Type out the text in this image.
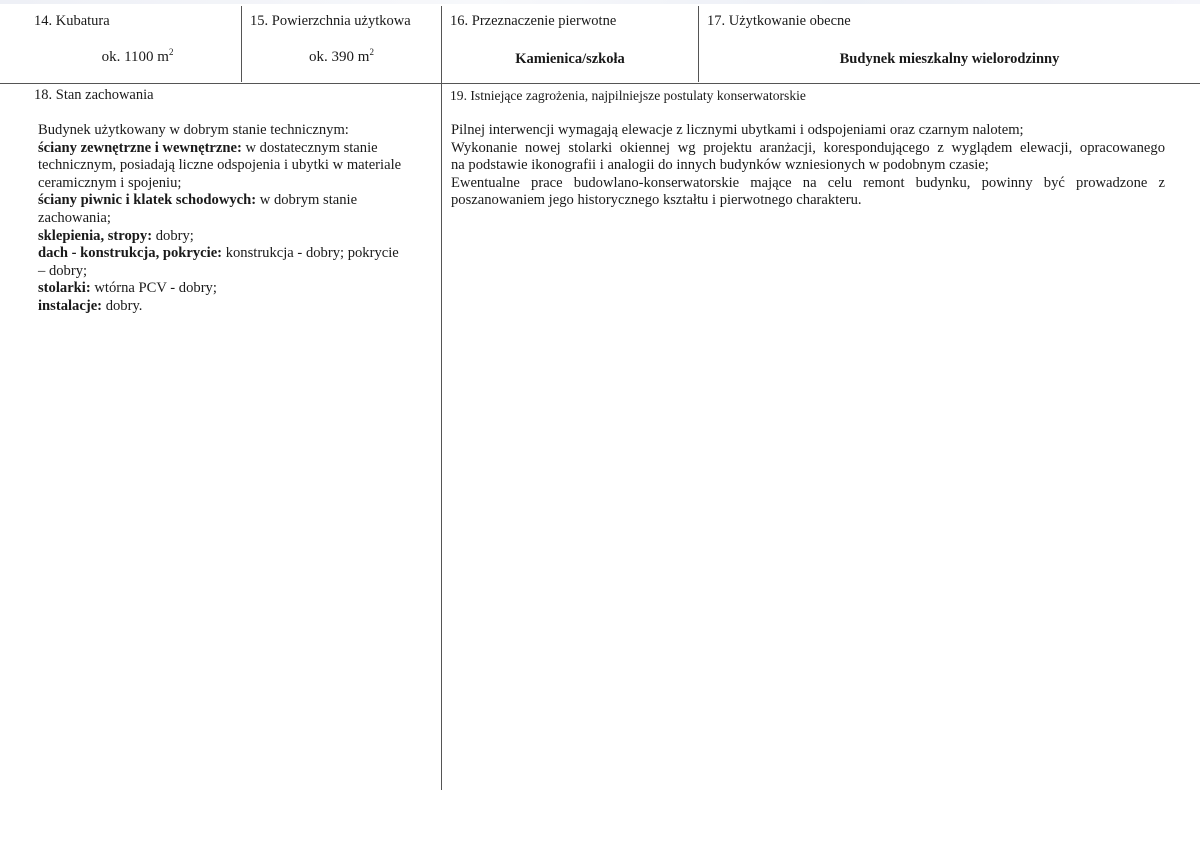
14. Kubatura
ok. 1100 $m^2$
15. Powierzchnia użytkowa
ok. 390 $m^2$
16. Przeznaczenie pierwotne
Kamienica/szkoła
17. Użytkowanie obecne
Budynek mieszkalny wielorodzinny
18. Stan zachowania
Budynek użytkowany w dobrym stanie technicznym:
ściany zewnętrzne i wewnętrzne: w dostatecznym stanie
technicznym, posiadają liczne odspojenia i ubytki w materiale
ceramicznym i spojeniu;
ściany piwnic i klatek schodowych: w dobrym stanie
zachowania;
sklepienia, stropy: dobry;
dach - konstrukcja, pokrycie: konstrukcja - dobry; pokrycie
– dobry;
stolarki: wtórna PCV - dobry;
instalacje: dobry.
19. Istniejące zagrożenia, najpilniejsze postulaty konserwatorskie
Pilnej interwencji wymagają elewacje z licznymi ubytkami i odspojeniami oraz czarnym nalotem;
Wykonanie nowej stolarki okiennej wg projektu aranżacji, korespondującego z wyglądem elewacji, opracowanego
na podstawie ikonografii i analogii do innych budynków wzniesionych w podobnym czasie;
Ewentualne prace budowlano-konserwatorskie mające na celu remont budynku, powinny być prowadzone z
poszanowaniem jego historycznego kształtu i pierwotnego charakteru.
